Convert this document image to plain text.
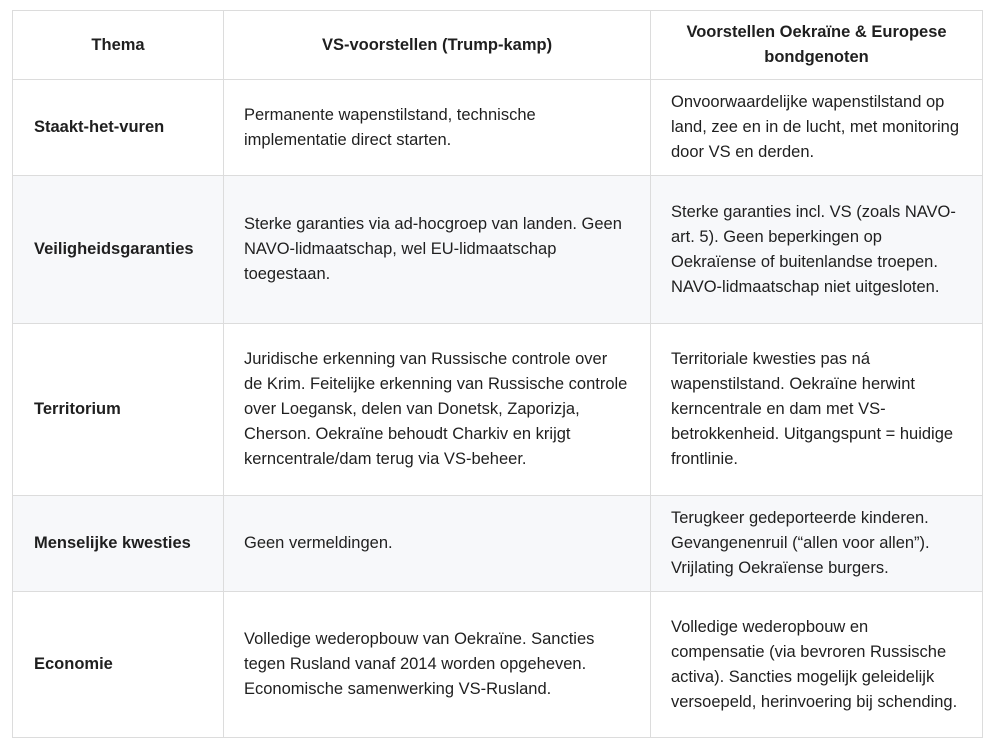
Thema	VS-voorstellen (Trump-kamp)	Voorstellen Oekraïne & Europese bondgenoten
Staakt-het-vuren	Permanente wapenstilstand, technische implementatie direct starten.	Onvoorwaardelijke wapenstilstand op land, zee en in de lucht, met monitoring door VS en derden.
Veiligheidsgaranties	Sterke garanties via ad-hocgroep van landen. Geen NAVO-lidmaatschap, wel EU-lidmaatschap toegestaan.	Sterke garanties incl. VS (zoals NAVO-art. 5). Geen beperkingen op Oekraïense of buitenlandse troepen. NAVO-lidmaatschap niet uitgesloten.
Territorium	Juridische erkenning van Russische controle over de Krim. Feitelijke erkenning van Russische controle over Loegansk, delen van Donetsk, Zaporizja, Cherson. Oekraïne behoudt Charkiv en krijgt kerncentrale/dam terug via VS-beheer.	Territoriale kwesties pas ná wapenstilstand. Oekraïne herwint kerncentrale en dam met VS-betrokkenheid. Uitgangspunt = huidige frontlinie.
Menselijke kwesties	Geen vermeldingen.	Terugkeer gedeporteerde kinderen. Gevangenenruil (“allen voor allen”). Vrijlating Oekraïense burgers.
Economie	Volledige wederopbouw van Oekraïne. Sancties tegen Rusland vanaf 2014 worden opgeheven. Economische samenwerking VS-Rusland.	Volledige wederopbouw en compensatie (via bevroren Russische activa). Sancties mogelijk geleidelijk versoepeld, herinvoering bij schending.
